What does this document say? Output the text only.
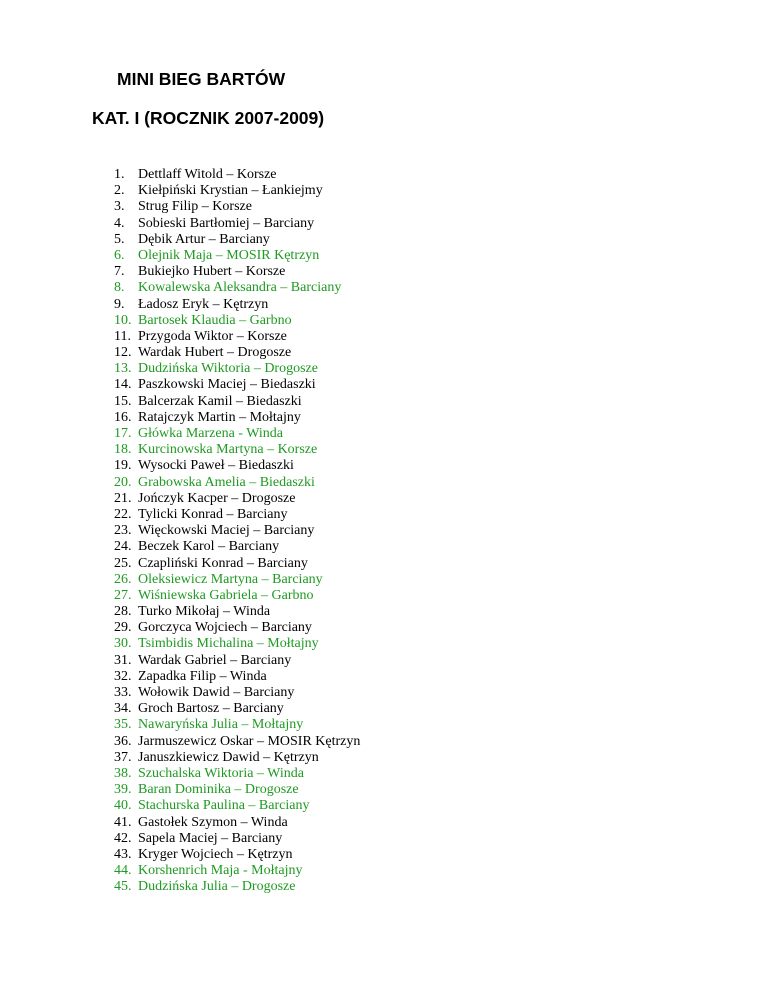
MINI BIEG BARTÓW
KAT. I (ROCZNIK 2007-2009)
1. Dettlaff Witold – Korsze
2. Kiełpiński Krystian – Łankiejmy
3. Strug Filip – Korsze
4. Sobieski Bartłomiej – Barciany
5. Dębik Artur – Barciany
6. Olejnik Maja – MOSIR Kętrzyn
7. Bukiejko Hubert – Korsze
8. Kowalewska Aleksandra – Barciany
9. Ładosz Eryk – Kętrzyn
10. Bartosek Klaudia – Garbno
11. Przygoda Wiktor – Korsze
12. Wardak Hubert – Drogosze
13. Dudzińska Wiktoria – Drogosze
14. Paszkowski Maciej – Biedaszki
15. Balcerzak Kamil – Biedaszki
16. Ratajczyk Martin – Mołtajny
17. Główka Marzena - Winda
18. Kurcinowska Martyna – Korsze
19. Wysocki Paweł – Biedaszki
20. Grabowska Amelia – Biedaszki
21. Jończyk Kacper – Drogosze
22. Tylicki Konrad – Barciany
23. Więckowski Maciej – Barciany
24. Beczek Karol – Barciany
25. Czapliński Konrad – Barciany
26. Oleksiewicz Martyna – Barciany
27. Wiśniewska Gabriela – Garbno
28. Turko Mikołaj – Winda
29. Gorczyca Wojciech – Barciany
30. Tsimbidis Michalina – Mołtajny
31. Wardak Gabriel – Barciany
32. Zapadka Filip – Winda
33. Wołowik Dawid – Barciany
34. Groch Bartosz – Barciany
35. Nawaryńska Julia – Mołtajny
36. Jarmuszewicz Oskar – MOSIR Kętrzyn
37. Januszkiewicz Dawid – Kętrzyn
38. Szuchalska Wiktoria – Winda
39. Baran Dominika – Drogosze
40. Stachurska Paulina – Barciany
41. Gastołek Szymon – Winda
42. Sapela Maciej – Barciany
43. Kryger Wojciech – Kętrzyn
44. Korshenrich Maja - Mołtajny
45. Dudzińska Julia – Drogosze
